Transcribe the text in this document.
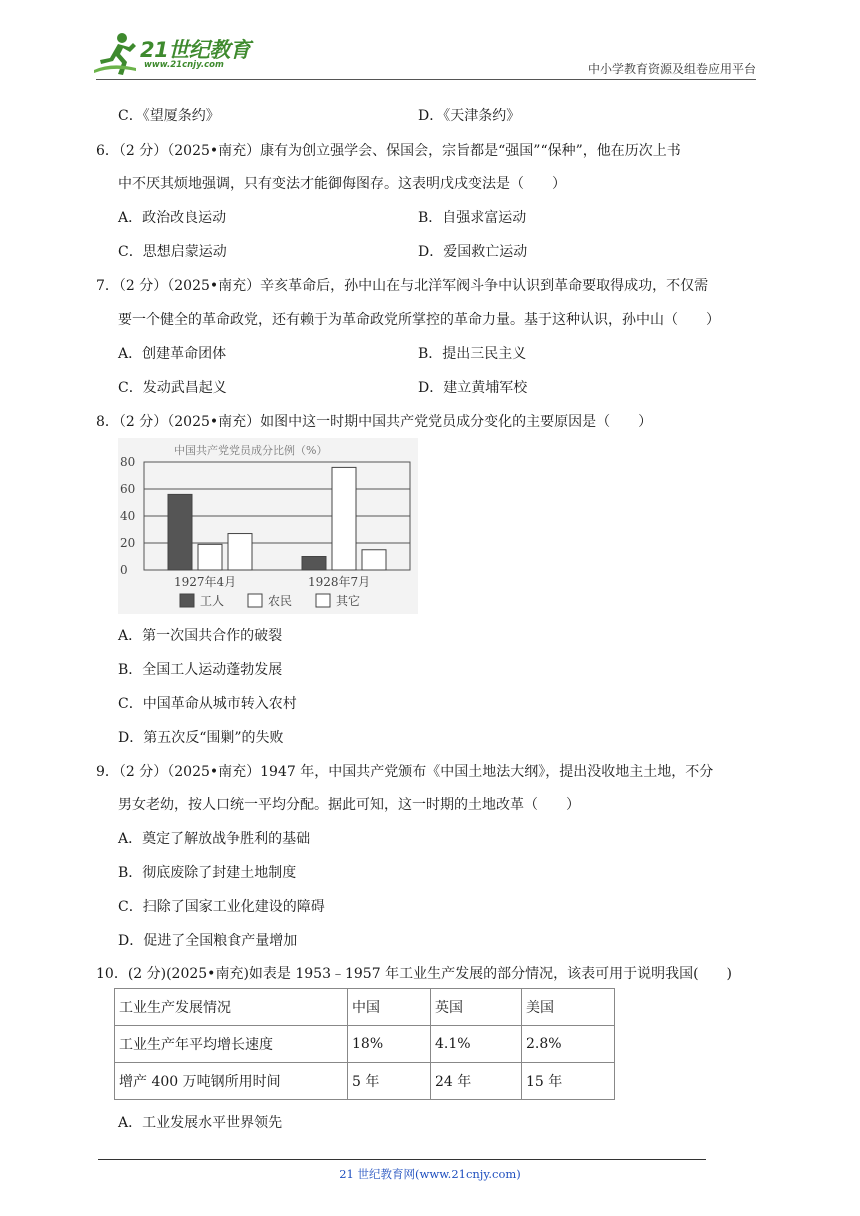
21世纪教育
www.21cnjy.com	中小学教育资源及组卷应用平台
C．《望厦条约》	D．《天津条约》
6．（2 分）（2025•南充）康有为创立强学会、保国会，宗旨都是“强国”“保种”，他在历次上书
中不厌其烦地强调，只有变法才能御侮图存。这表明戊戌变法是（　　）
A．政治改良运动	B．自强求富运动
C．思想启蒙运动	D．爱国救亡运动
7．（2 分）（2025•南充）辛亥革命后，孙中山在与北洋军阀斗争中认识到革命要取得成功，不仅需
要一个健全的革命政党，还有赖于为革命政党所掌控的革命力量。基于这种认识，孙中山（　　）
A．创建革命团体	B．提出三民主义
C．发动武昌起义	D．建立黄埔军校
8．（2 分）（2025•南充）如图中这一时期中国共产党党员成分变化的主要原因是（　　）
中国共产党党员成分比例（%）
0
20
40
60
80
1927年4月	1928年7月
工人	农民	其它
A．第一次国共合作的破裂
B．全国工人运动蓬勃发展
C．中国革命从城市转入农村
D．第五次反“围剿”的失败
9．（2 分）（2025•南充）1947 年，中国共产党颁布《中国土地法大纲》，提出没收地主土地，不分
男女老幼，按人口统一平均分配。据此可知，这一时期的土地改革（　　）
A．奠定了解放战争胜利的基础
B．彻底废除了封建土地制度
C．扫除了国家工业化建设的障碍
D．促进了全国粮食产量增加
10．(2 分)(2025•南充)如表是 1953﹣1957 年工业生产发展的部分情况，该表可用于说明我国(　　)
工业生产发展情况	中国	英国	美国
工业生产年平均增长速度	18%	4.1%	2.8%
增产 400 万吨钢所用时间	5 年	24 年	15 年
A．工业发展水平世界领先
21 世纪教育网(www.21cnjy.com)
